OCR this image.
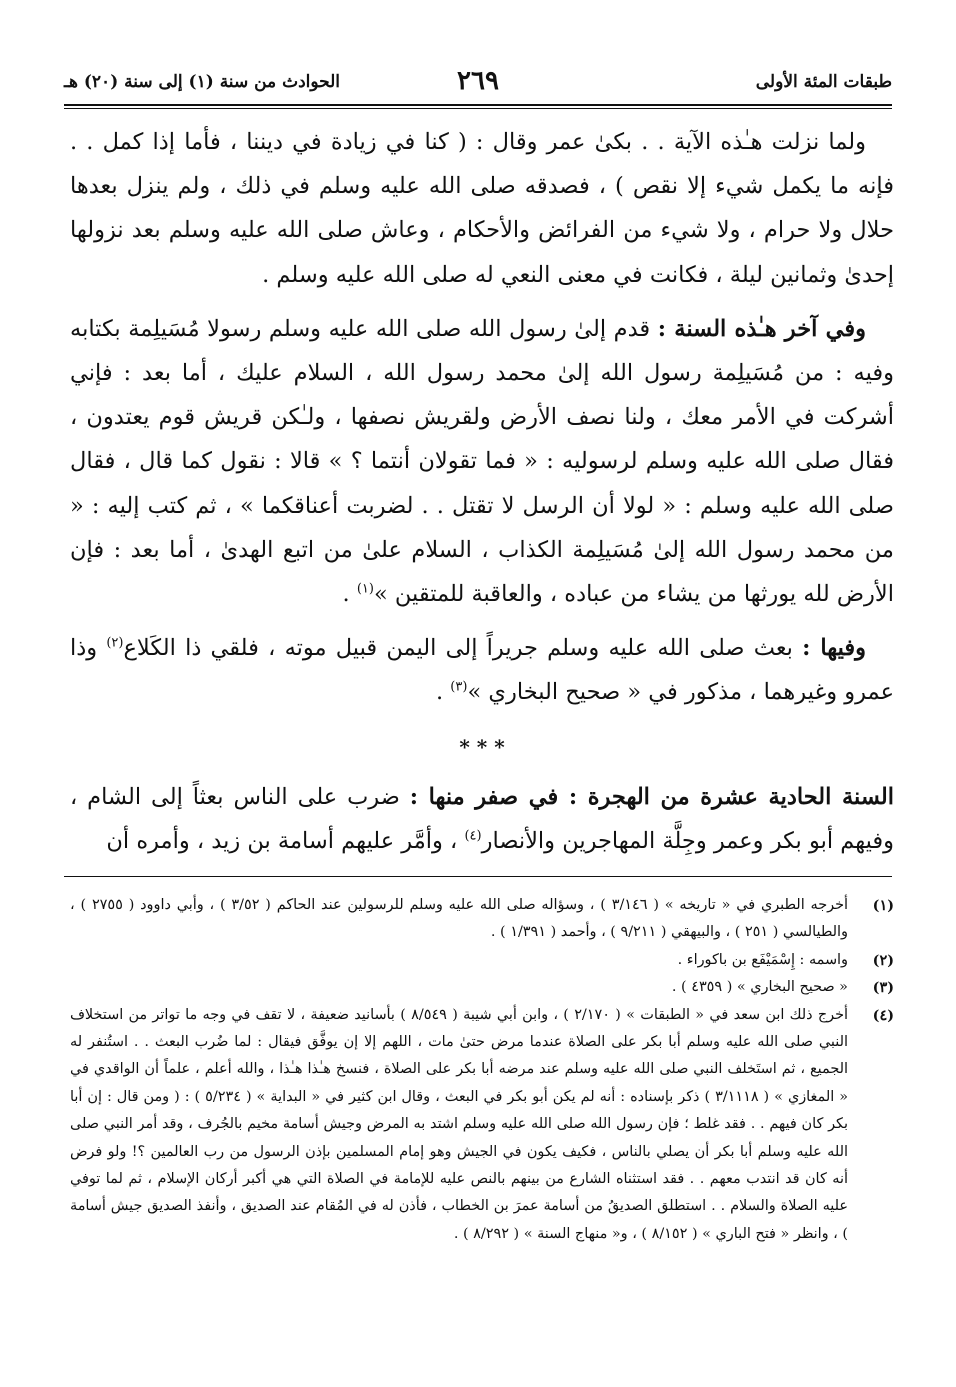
طبقات المئة الأولى
٢٦٩
الحوادث من سنة (١) إلى سنة (٢٠) هـ

ولما نزلت هـٰذه الآية . . بكىٰ عمر وقال : ( كنا في زيادة في ديننا ، فأما إذا كمل . . فإنه ما يكمل شيء إلا نقص ) ، فصدقه صلى الله عليه وسلم في ذلك ، ولم ينزل بعدها حلال ولا حرام ، ولا شيء من الفرائض والأحكام ، وعاش صلى الله عليه وسلم بعد نزولها إحدىٰ وثمانين ليلة ، فكانت في معنى النعي له صلى الله عليه وسلم .

وفي آخر هـٰذه السنة : قدم إلىٰ رسول الله صلى الله عليه وسلم رسولا مُسَيلِمة بكتابه وفيه : من مُسَيلِمة رسول الله إلىٰ محمد رسول الله ، السلام عليك ، أما بعد : فإني أشركت في الأمر معك ، ولنا نصف الأرض ولقريش نصفها ، ولـٰكن قريش قوم يعتدون ، فقال صلى الله عليه وسلم لرسوليه : « فما تقولان أنتما ؟ » قالا : نقول كما قال ، فقال صلى الله عليه وسلم : « لولا أن الرسل لا تقتل . . لضربت أعناقكما » ، ثم كتب إليه : « من محمد رسول الله إلىٰ مُسَيلِمة الكذاب ، السلام علىٰ من اتبع الهدىٰ ، أما بعد : فإن الأرض لله يورثها من يشاء من عباده ، والعاقبة للمتقين »$^{(١)}$ .

وفيها : بعث صلى الله عليه وسلم جريراً إلى اليمن قبيل موته ، فلقي ذا الكَلاع$^{(٢)}$ وذا عمرو وغيرهما ، مذكور في « صحيح البخاري »$^{(٣)}$ .

* * *

السنة الحادية عشرة من الهجرة : في صفر منها : ضرب على الناس بعثاً إلى الشام ، وفيهم أبو بكر وعمر وجِلَّة المهاجرين والأنصار$^{(٤)}$ ، وأمَّر عليهم أسامة بن زيد ، وأمره أن

(١)
أخرجه الطبري في « تاريخه » ( ٣/١٤٦ ) ، وسؤاله صلى الله عليه وسلم للرسولين عند الحاكم ( ٣/٥٢ ) ، وأبي داوود ( ٢٧٥٥ ) ، والطيالسي ( ٢٥١ ) ، والبيهقي ( ٩/٢١١ ) ، وأحمد ( ١/٣٩١ ) .
(٢)
واسمه : إِسْمَيْفَع بن باكوراء .
(٣)
« صحيح البخاري » ( ٤٣٥٩ ) .
(٤)
أخرج ذلك ابن سعد في « الطبقات » ( ٢/١٧٠ ) ، وابن أبي شيبة ( ٨/٥٤٩ ) بأسانيد ضعيفة ، لا تقف في وجه ما تواتر من استخلاف النبي صلى الله عليه وسلم أبا بكر على الصلاة عندما مرض حتىٰ مات ، اللهم إلا إن يوفَّق فيقال : لما ضُرب البعث . . استُنفر له الجميع ، ثم استَخلف النبي صلى الله عليه وسلم عند مرضه أبا بكر على الصلاة ، فنسخ هـٰذا هـٰذا ، والله أعلم ، علماً أن الواقدي في « المغازي » ( ٣/١١١٨ ) ذكر بإسناده : أنه لم يكن أبو بكر في البعث ، وقال ابن كثير في « البداية » ( ٥/٢٣٤ ) : ( ومن قال : إن أبا بكر كان فيهم . . فقد غلط ؛ فإن رسول الله صلى الله عليه وسلم اشتد به المرض وجيش أسامة مخيم بالجُرف ، وقد أمر النبي صلى الله عليه وسلم أبا بكر أن يصلي بالناس ، فكيف يكون في الجيش وهو إمام المسلمين بإذن الرسول من رب العالمين ؟! ولو فرض أنه كان قد انتدب معهم . . فقد استثناه الشارع من بينهم بالنص عليه للإمامة في الصلاة التي هي أكبر أركان الإسلام ، ثم لما توفي عليه الصلاة والسلام . . استطلق الصديقُ من أسامة عمرَ بن الخطاب ، فأذن له في المُقام عند الصديق ، وأنفذ الصديق جيش أسامة ) ، وانظر « فتح الباري » ( ٨/١٥٢ ) ، و« منهاج السنة » ( ٨/٢٩٢ ) .
